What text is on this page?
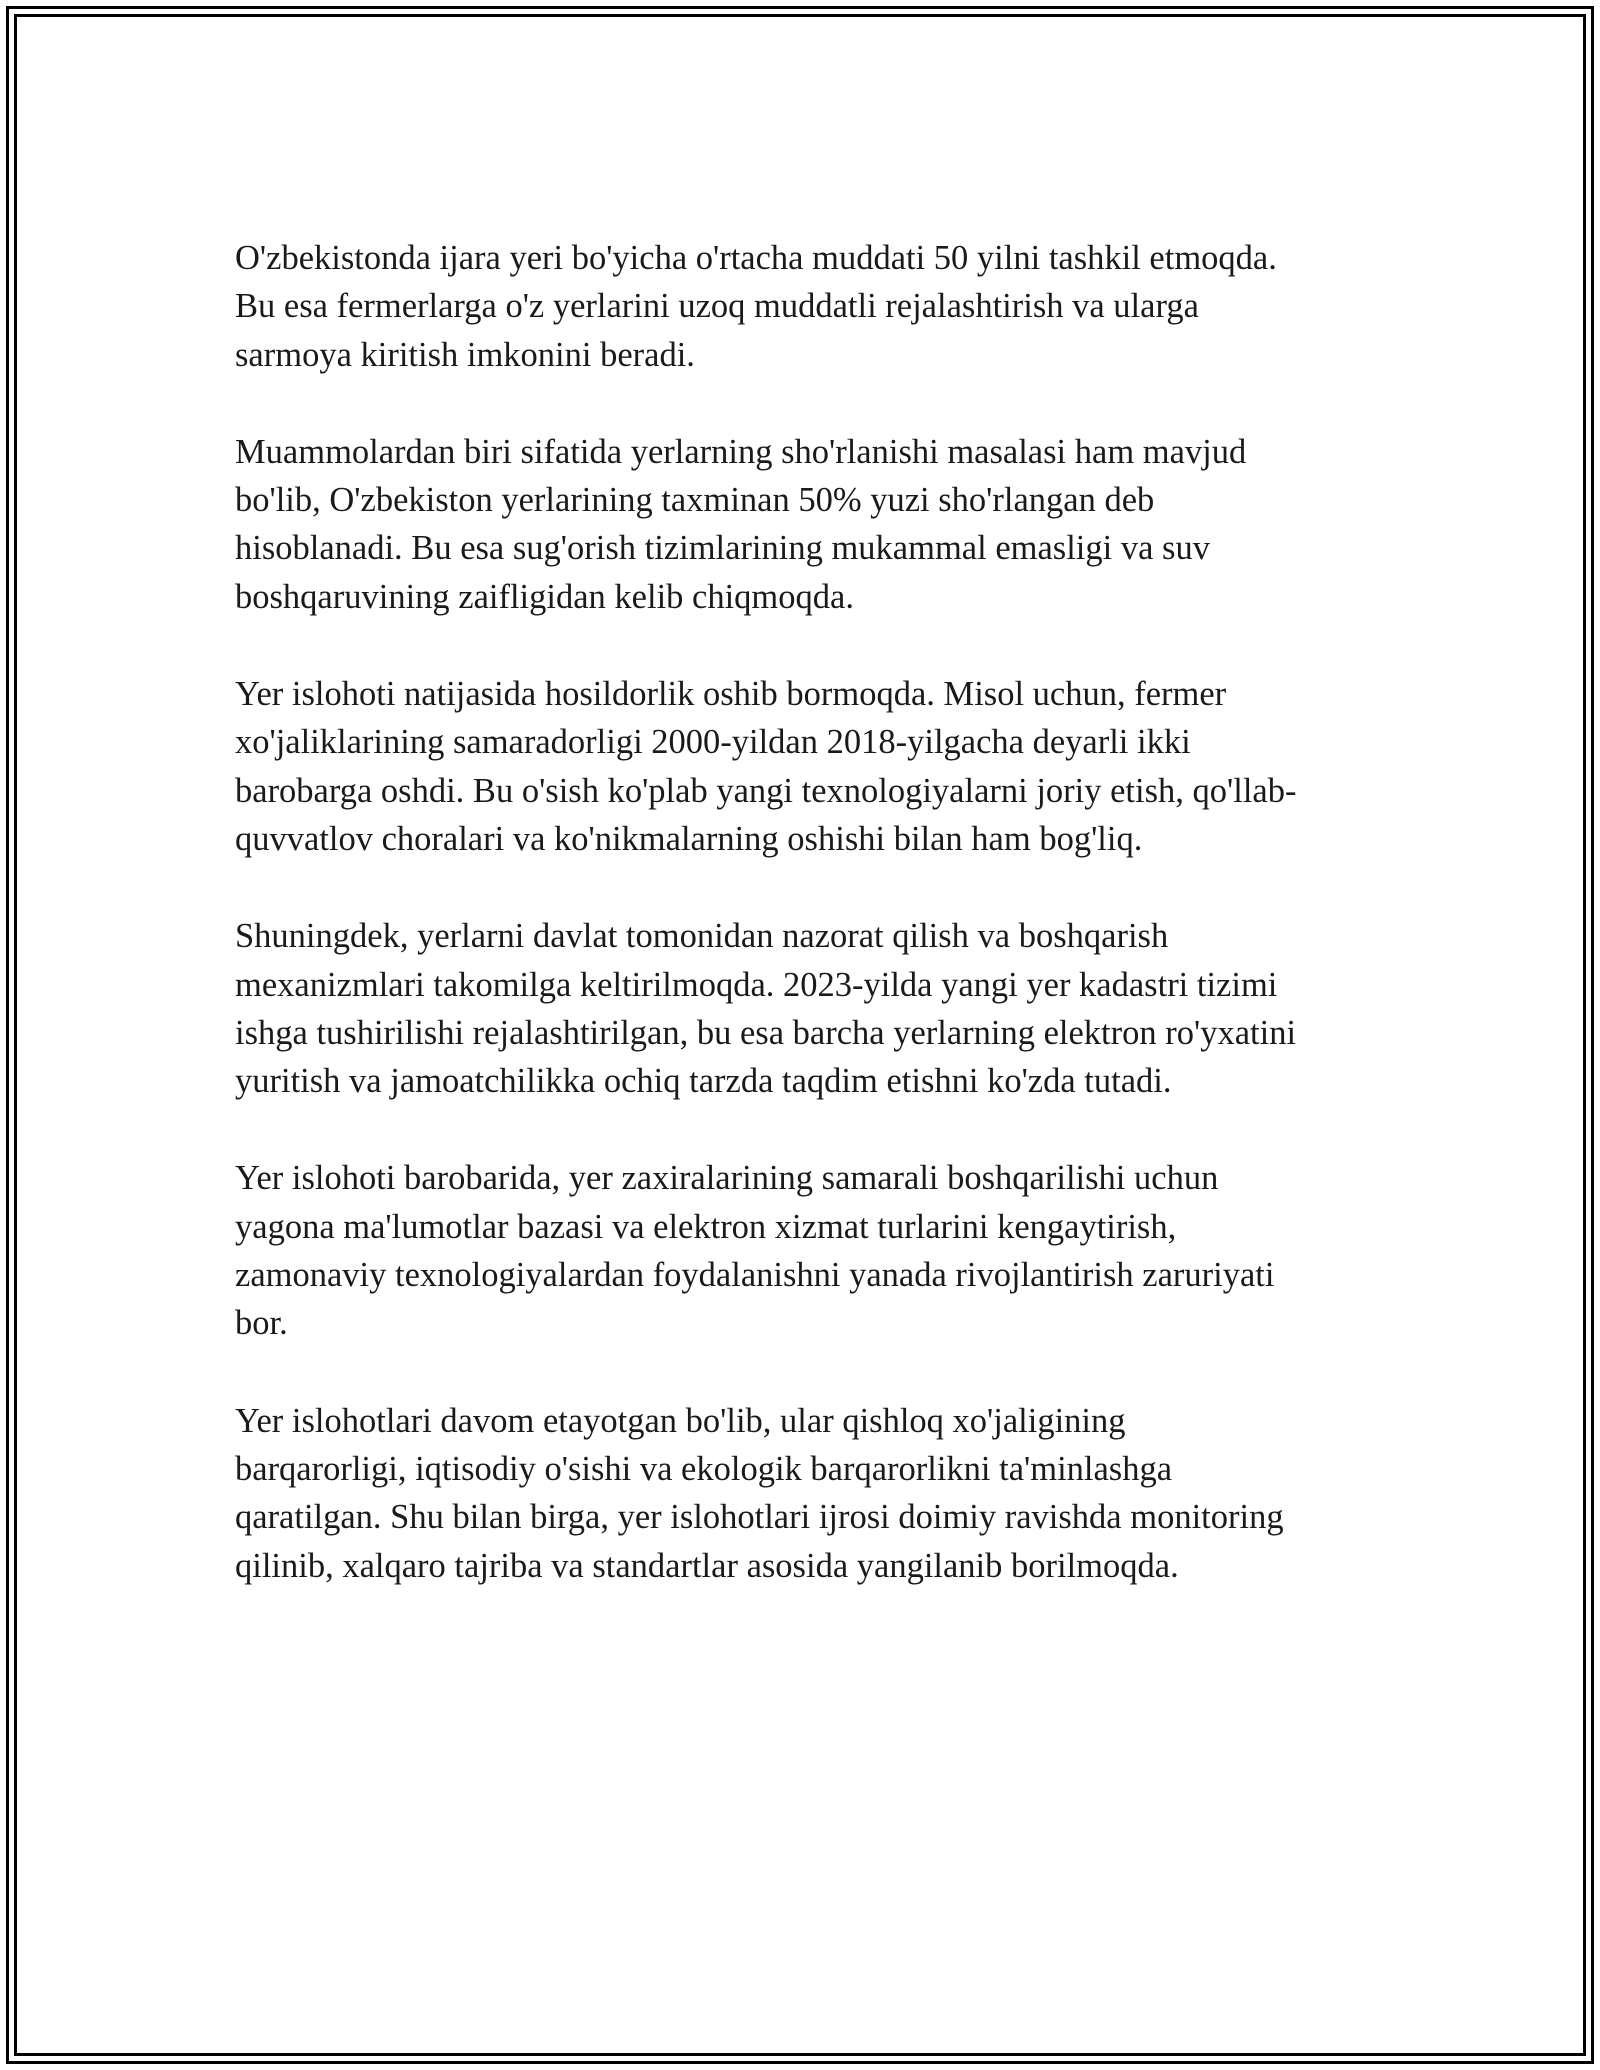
O'zbekistonda ijara yeri bo'yicha o'rtacha muddati 50 yilni tashkil etmoqda.
Bu esa fermerlarga o'z yerlarini uzoq muddatli rejalashtirish va ularga
sarmoya kiritish imkonini beradi.

Muammolardan biri sifatida yerlarning sho'rlanishi masalasi ham mavjud
bo'lib, O'zbekiston yerlarining taxminan 50% yuzi sho'rlangan deb
hisoblanadi. Bu esa sug'orish tizimlarining mukammal emasligi va suv
boshqaruvining zaifligidan kelib chiqmoqda.

Yer islohoti natijasida hosildorlik oshib bormoqda. Misol uchun, fermer
xo'jaliklarining samaradorligi 2000-yildan 2018-yilgacha deyarli ikki
barobarga oshdi. Bu o'sish ko'plab yangi texnologiyalarni joriy etish, qo'llab-
quvvatlov choralari va ko'nikmalarning oshishi bilan ham bog'liq.

Shuningdek, yerlarni davlat tomonidan nazorat qilish va boshqarish
mexanizmlari takomilga keltirilmoqda. 2023-yilda yangi yer kadastri tizimi
ishga tushirilishi rejalashtirilgan, bu esa barcha yerlarning elektron ro'yxatini
yuritish va jamoatchilikka ochiq tarzda taqdim etishni ko'zda tutadi.

Yer islohoti barobarida, yer zaxiralarining samarali boshqarilishi uchun
yagona ma'lumotlar bazasi va elektron xizmat turlarini kengaytirish,
zamonaviy texnologiyalardan foydalanishni yanada rivojlantirish zaruriyati
bor.

Yer islohotlari davom etayotgan bo'lib, ular qishloq xo'jaligining
barqarorligi, iqtisodiy o'sishi va ekologik barqarorlikni ta'minlashga
qaratilgan. Shu bilan birga, yer islohotlari ijrosi doimiy ravishda monitoring
qilinib, xalqaro tajriba va standartlar asosida yangilanib borilmoqda.
